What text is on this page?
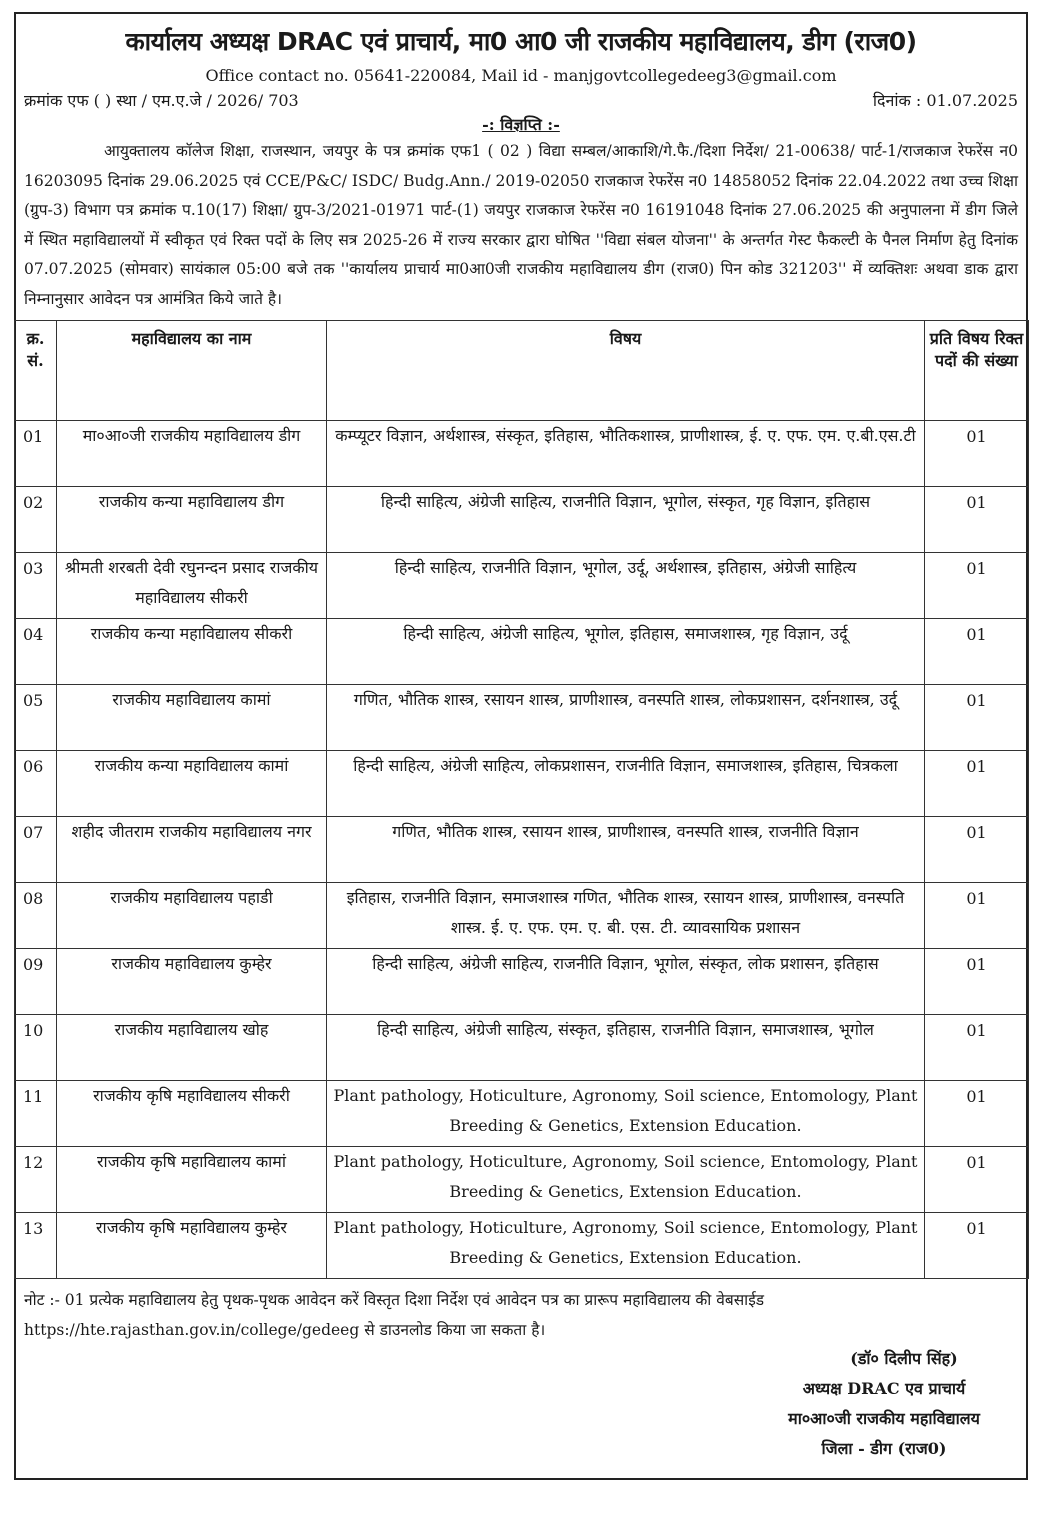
कार्यालय अध्यक्ष DRAC एवं प्राचार्य, मा0 आ0 जी राजकीय महाविद्यालय, डीग (राज0)
Office contact no. 05641-220084, Mail id - manjgovtcollegedeeg3@gmail.com
क्रमांक एफ ( ) स्था / एम.ए.जे / 2026/ 703	दिनांक : 01.07.2025
-: विज्ञप्ति :-
आयुक्तालय कॉलेज शिक्षा, राजस्थान, जयपुर के पत्र क्रमांक एफ1 ( 02 ) विद्या सम्बल/आकाशि/गे.फै./दिशा निर्देश/ 21-00638/ पार्ट-1/राजकाज रेफरेंस न0 16203095 दिनांक 29.06.2025 एवं CCE/P&C/ ISDC/ Budg.Ann./ 2019-02050 राजकाज रेफरेंस न0 14858052 दिनांक 22.04.2022 तथा उच्च शिक्षा (ग्रुप-3) विभाग पत्र क्रमांक प.10(17) शिक्षा/ ग्रुप-3/2021-01971 पार्ट-(1) जयपुर राजकाज रेफरेंस न0 16191048 दिनांक 27.06.2025 की अनुपालना में डीग जिले में स्थित महाविद्यालयों में स्वीकृत एवं रिक्त पदों के लिए सत्र 2025-26 में राज्य सरकार द्वारा घोषित ''विद्या संबल योजना'' के अन्तर्गत गेस्ट फैकल्टी के पैनल निर्माण हेतु दिनांक 07.07.2025 (सोमवार) सायंकाल 05:00 बजे तक ''कार्यालय प्राचार्य मा0आ0जी राजकीय महाविद्यालय डीग (राज0) पिन कोड 321203'' में व्यक्तिशः अथवा डाक द्वारा निम्नानुसार आवेदन पत्र आमंत्रित किये जाते है।
क्र. सं.	महाविद्यालय का नाम	विषय	प्रति विषय रिक्त पदों की संख्या
01	मा०आ०जी राजकीय महाविद्यालय डीग	कम्प्यूटर विज्ञान, अर्थशास्त्र, संस्कृत, इतिहास, भौतिकशास्त्र, प्राणीशास्त्र, ई. ए. एफ. एम. ए.बी.एस.टी	01
02	राजकीय कन्या महाविद्यालय डीग	हिन्दी साहित्य, अंग्रेजी साहित्य, राजनीति विज्ञान, भूगोल, संस्कृत, गृह विज्ञान, इतिहास	01
03	श्रीमती शरबती देवी रघुनन्दन प्रसाद राजकीय महाविद्यालय सीकरी	हिन्दी साहित्य, राजनीति विज्ञान, भूगोल, उर्दू, अर्थशास्त्र, इतिहास, अंग्रेजी साहित्य	01
04	राजकीय कन्या महाविद्यालय सीकरी	हिन्दी साहित्य, अंग्रेजी साहित्य, भूगोल, इतिहास, समाजशास्त्र, गृह विज्ञान, उर्दू	01
05	राजकीय महाविद्यालय कामां	गणित, भौतिक शास्त्र, रसायन शास्त्र, प्राणीशास्त्र, वनस्पति शास्त्र, लोकप्रशासन, दर्शनशास्त्र, उर्दू	01
06	राजकीय कन्या महाविद्यालय कामां	हिन्दी साहित्य, अंग्रेजी साहित्य, लोकप्रशासन, राजनीति विज्ञान, समाजशास्त्र, इतिहास, चित्रकला	01
07	शहीद जीतराम राजकीय महाविद्यालय नगर	गणित, भौतिक शास्त्र, रसायन शास्त्र, प्राणीशास्त्र, वनस्पति शास्त्र, राजनीति विज्ञान	01
08	राजकीय महाविद्यालय पहाडी	इतिहास, राजनीति विज्ञान, समाजशास्त्र गणित, भौतिक शास्त्र, रसायन शास्त्र, प्राणीशास्त्र, वनस्पति शास्त्र. ई. ए. एफ. एम. ए. बी. एस. टी. व्यावसायिक प्रशासन	01
09	राजकीय महाविद्यालय कुम्हेर	हिन्दी साहित्य, अंग्रेजी साहित्य, राजनीति विज्ञान, भूगोल, संस्कृत, लोक प्रशासन, इतिहास	01
10	राजकीय महाविद्यालय खोह	हिन्दी साहित्य, अंग्रेजी साहित्य, संस्कृत, इतिहास, राजनीति विज्ञान, समाजशास्त्र, भूगोल	01
11	राजकीय कृषि महाविद्यालय सीकरी	Plant pathology, Hoticulture, Agronomy, Soil science, Entomology, Plant Breeding & Genetics, Extension Education.	01
12	राजकीय कृषि महाविद्यालय कामां	Plant pathology, Hoticulture, Agronomy, Soil science, Entomology, Plant Breeding & Genetics, Extension Education.	01
13	राजकीय कृषि महाविद्यालय कुम्हेर	Plant pathology, Hoticulture, Agronomy, Soil science, Entomology, Plant Breeding & Genetics, Extension Education.	01
नोट :- 01 प्रत्येक महाविद्यालय हेतु पृथक-पृथक आवेदन करें विस्तृत दिशा निर्देश एवं आवेदन पत्र का प्रारूप महाविद्यालय की वेबसाईड https://hte.rajasthan.gov.in/college/gedeeg से डाउनलोड किया जा सकता है।
(डॉ० दिलीप सिंह)
अध्यक्ष DRAC एव प्राचार्य
मा०आ०जी राजकीय महाविद्यालय
जिला - डीग (राज0)
